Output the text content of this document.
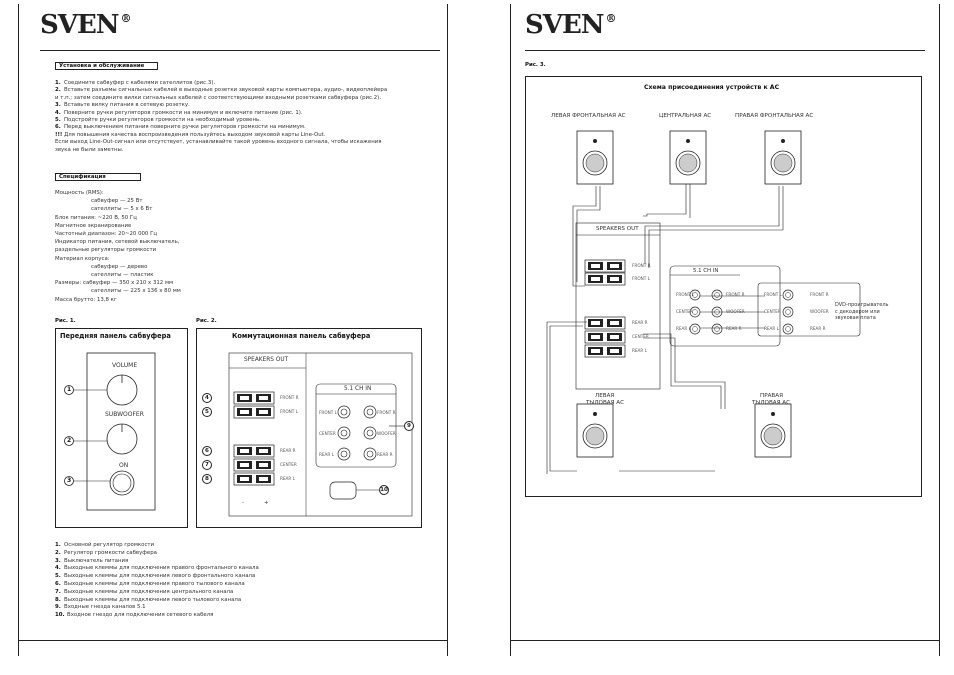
SVEN ®
Установка и обслуживание
1. Соедините сабвуфер с кабелями сателлитов (рис.3).
2. Вставьте разъемы сигнальных кабелей в выходные розетки звуковой карты компьютера, аудио-, видеоплейера
и т.п.; затем соедините вилки сигнальных кабелей с соответствующими входными розетками сабвуфера (рис.2).
3. Вставьте вилку питания в сетевую розетку.
4. Поверните ручки регуляторов громкости на минимум и включите питание (рис. 1).
5. Подстройте ручки регуляторов громкости на необходимый уровень.
6. Перед выключением питания поверните ручки регуляторов громкости на минимум.
!!! Для повышения качества воспроизведения пользуйтесь выходом звуковой карты Line-Out.
Если выход Line-Out-сигнал или отсутствует, устанавливайте такой уровень входного сигнала, чтобы искажения
звука не были заметны.
Спецификация
Мощность (RMS):
сабвуфер — 25 Вт
сателлиты — 5 х 6 Вт
Блок питания: ~220 В, 50 Гц
Магнитное экранирование
Частотный диапазон: 20~20 000 Гц
Индикатор питания, сетевой выключатель,
раздельные регуляторы громкости
Материал корпуса:
сабвуфер — дерево
сателлиты — пластик
Размеры: сабвуфер — 350 х 210 х 312 мм
сателлиты — 225 х 136 х 80 мм
Масса брутто: 13,8 кг
Рис. 1.
Передняя панель сабвуфера
VOLUME
SUBWOOFER
ON
1
2
3
Рис. 2.
Коммутационная панель сабвуфера
SPEAKERS OUT
5.1 CH IN
-	+
4
5
6
7
8
9
10
FRONT R
FRONT L
REAR R
CENTER
REAR L
FRONT L	FRONT R
CENTER	WOOFER
REAR L	REAR R
1. Основной регулятор громкости
2. Регулятор громкости сабвуфера
3. Выключатель питания
4. Выходные клеммы для подключения правого фронтального канала
5. Выходные клеммы для подключения левого фронтального канала
6. Выходные клеммы для подключения правого тылового канала
7. Выходные клеммы для подключения центрального канала
8. Выходные клеммы для подключения левого тылового канала
9. Входные гнезда каналов 5.1
10. Входное гнездо для подключения сетевого кабеля
SVEN ®
Рис. 3.
Схема присоединения устройств к АС
ЛЕВАЯ ФРОНТАЛЬНАЯ АС	ЦЕНТРАЛЬНАЯ АС	ПРАВАЯ ФРОНТАЛЬНАЯ АС
SPEAKERS OUT
FRONT R
FRONT L
REAR R
CENTER
REAR L
5.1 CH IN
FRONT L	FRONT R
CENTER	WOOFER
REAR L	REAR R
FRONT L	FRONT R
CENTER	WOOFER
REAR L	REAR R
DVD-проигрыватель
с декодером или
звуковая плата
ЛЕВАЯ
ТЫЛОВАЯ АС
ПРАВАЯ
ТЫЛОВАЯ АС
